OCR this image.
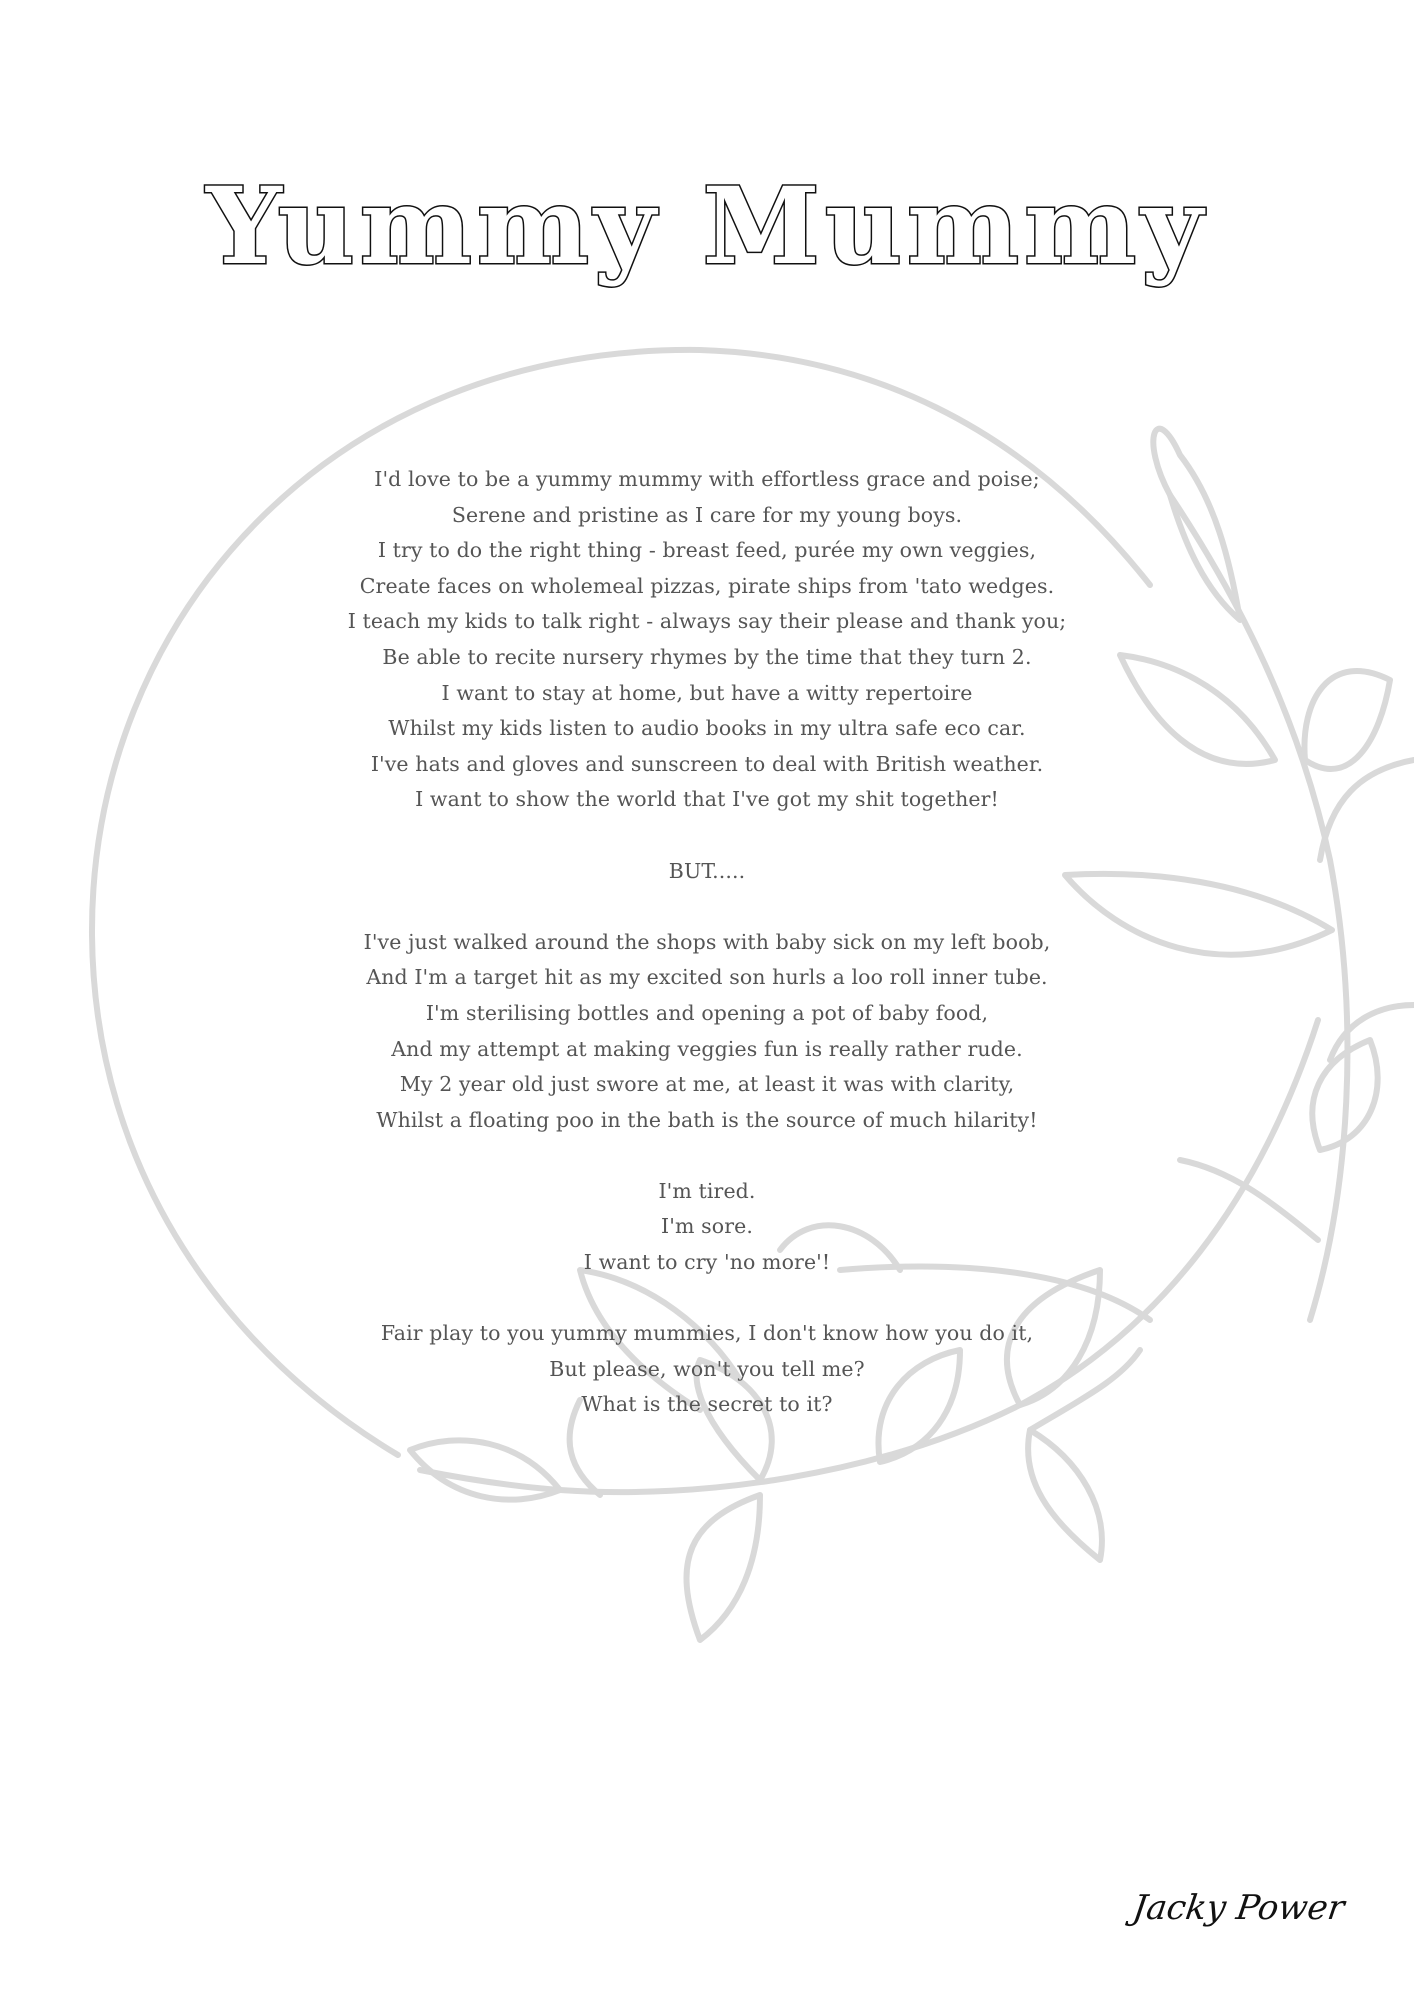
Yummy Mummy
I'd love to be a yummy mummy with effortless grace and poise;
Serene and pristine as I care for my young boys.
I try to do the right thing - breast feed, purée my own veggies,
Create faces on wholemeal pizzas, pirate ships from 'tato wedges.
I teach my kids to talk right - always say their please and thank you;
Be able to recite nursery rhymes by the time that they turn 2.
I want to stay at home, but have a witty repertoire
Whilst my kids listen to audio books in my ultra safe eco car.
I've hats and gloves and sunscreen to deal with British weather.
I want to show the world that I've got my shit together!
BUT.....
I've just walked around the shops with baby sick on my left boob,
And I'm a target hit as my excited son hurls a loo roll inner tube.
I'm sterilising bottles and opening a pot of baby food,
And my attempt at making veggies fun is really rather rude.
My 2 year old just swore at me, at least it was with clarity,
Whilst a floating poo in the bath is the source of much hilarity!
I'm tired.
I'm sore.
I want to cry 'no more'!
Fair play to you yummy mummies, I don't know how you do it,
But please, won't you tell me?
What is the secret to it?
Jacky Power
